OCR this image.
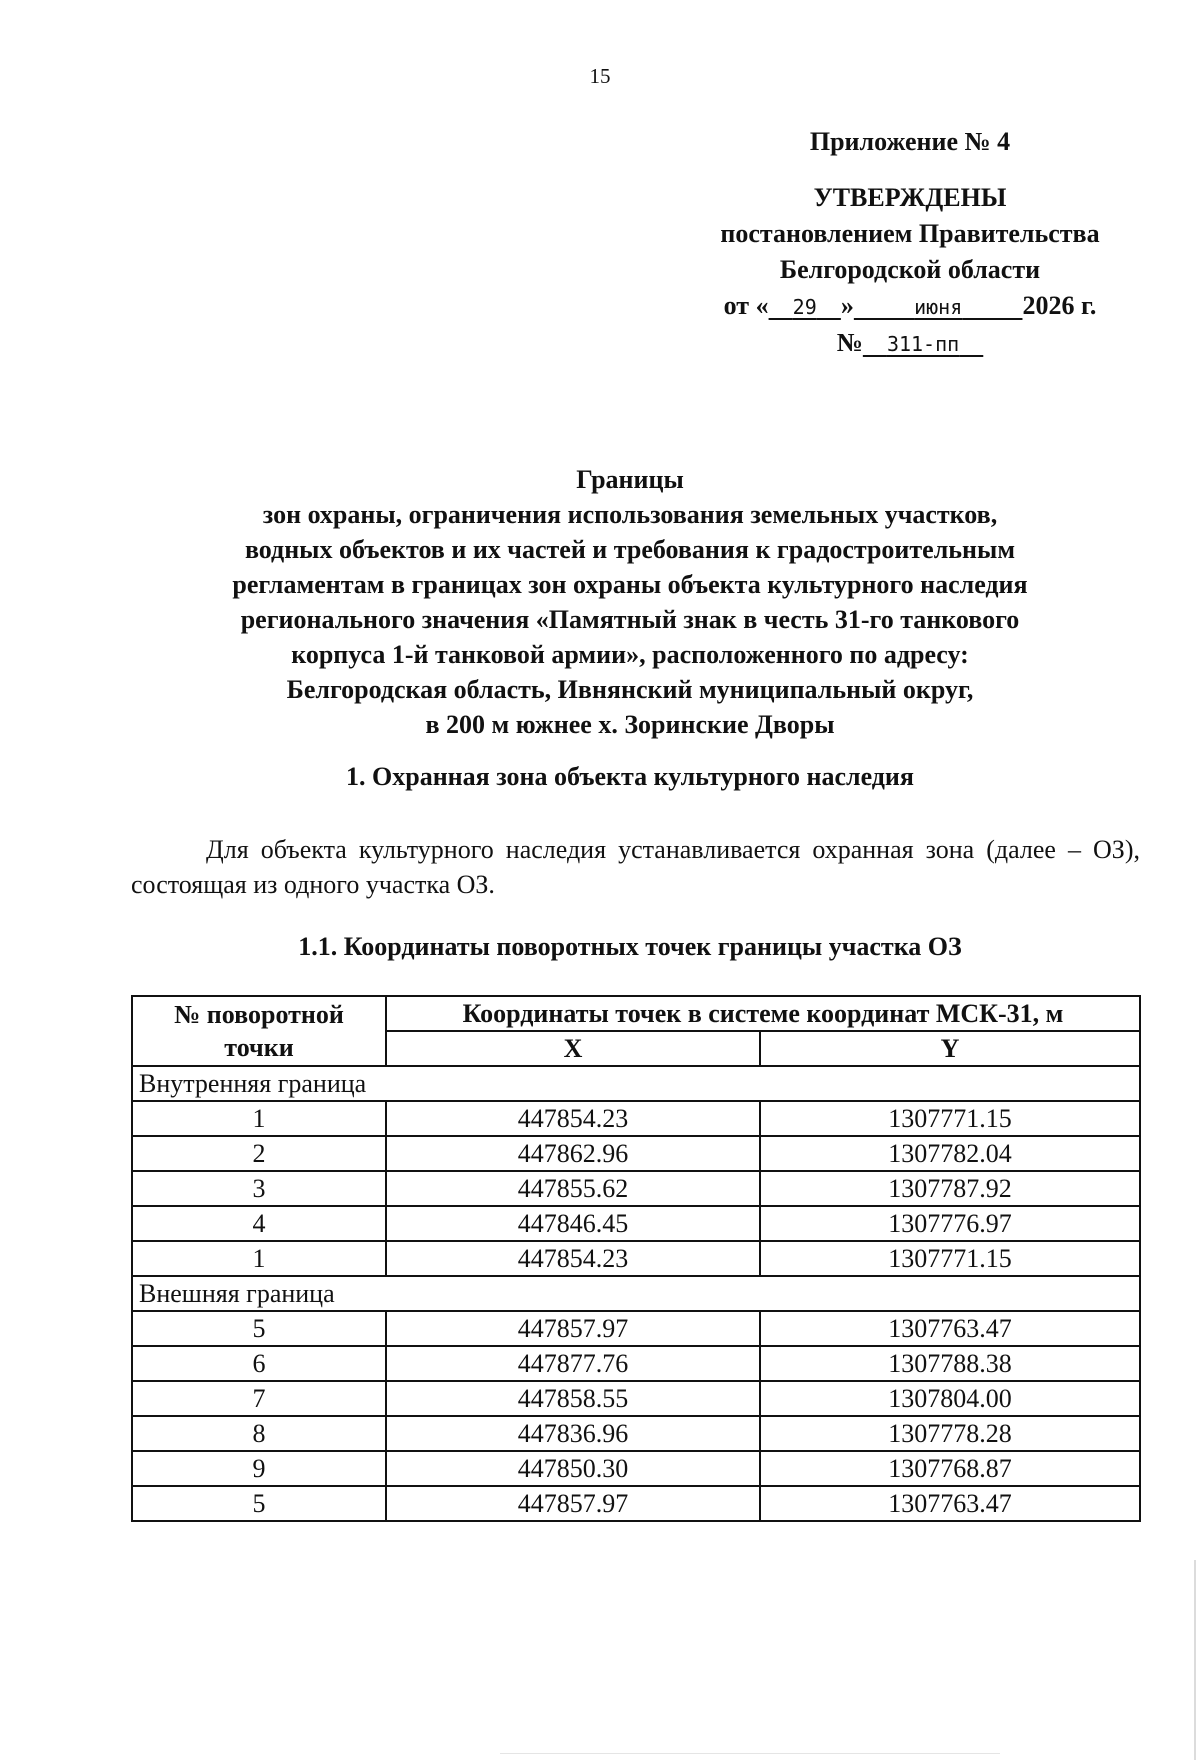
15
Приложение № 4
УТВЕРЖДЕНЫ
постановлением Правительства
Белгородской области
от « 29 »	июня 2026 г.
№ 311-пп
Границы
зон охраны, ограничения использования земельных участков,
водных объектов и их частей и требования к градостроительным
регламентам в границах зон охраны объекта культурного наследия
регионального значения «Памятный знак в честь 31-го танкового
корпуса 1-й танковой армии», расположенного по адресу:
Белгородская область, Ивнянский муниципальный округ,
в 200 м южнее х. Зоринские Дворы
1. Охранная зона объекта культурного наследия
Для объекта культурного наследия устанавливается охранная зона (далее – ОЗ), состоящая из одного участка ОЗ.
1.1. Координаты поворотных точек границы участка ОЗ
№ поворотной точки	Координаты точек в системе координат МСК-31, м	
	X	Y
Внутренняя граница		
1	447854.23	1307771.15
2	447862.96	1307782.04
3	447855.62	1307787.92
4	447846.45	1307776.97
1	447854.23	1307771.15
Внешняя граница		
5	447857.97	1307763.47
6	447877.76	1307788.38
7	447858.55	1307804.00
8	447836.96	1307778.28
9	447850.30	1307768.87
5	447857.97	1307763.47
